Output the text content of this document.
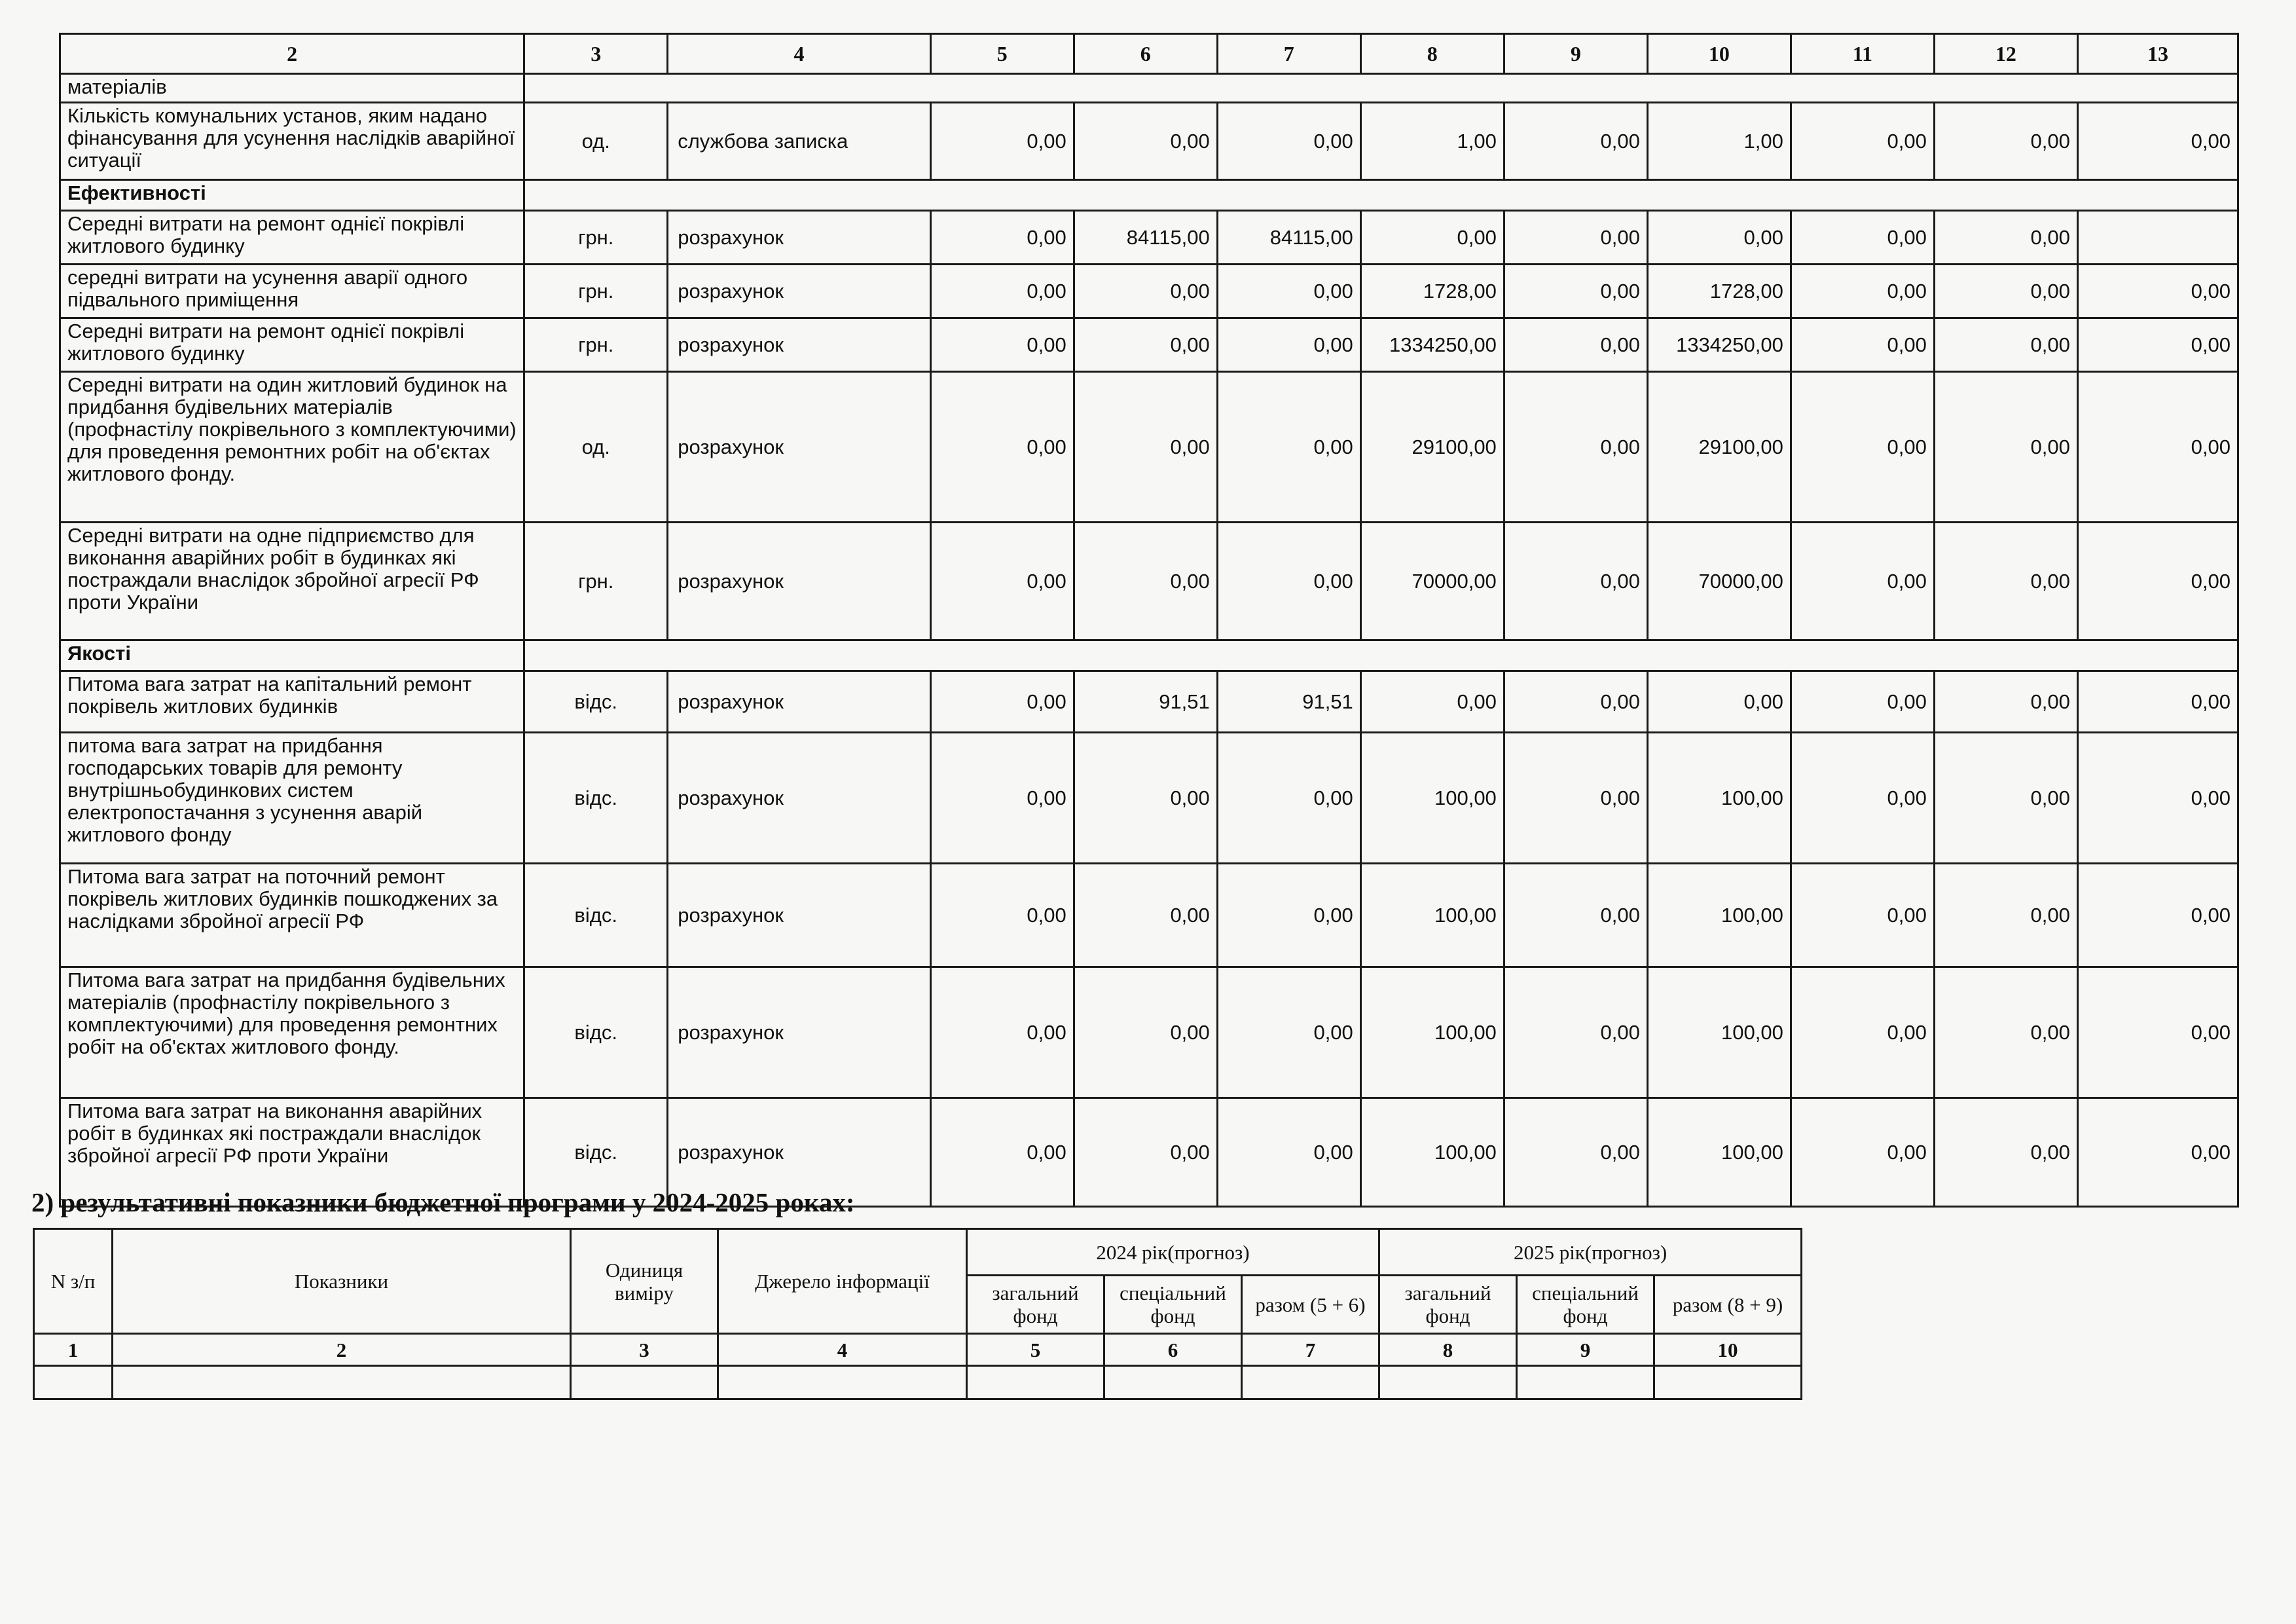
2	3	4	5	6	7	8	9	10	11	12	13
матеріалів											
Кількість комунальних установ, яким надано фінансування для усунення наслідків аварійної ситуації	од.	службова записка	0,00	0,00	0,00	1,00	0,00	1,00	0,00	0,00	0,00
Ефективності											
Середні витрати на ремонт однієї покрівлі житлового будинку	грн.	розрахунок	0,00	84115,00	84115,00	0,00	0,00	0,00	0,00	0,00	
середні витрати на усунення аварії одного підвального приміщення	грн.	розрахунок	0,00	0,00	0,00	1728,00	0,00	1728,00	0,00	0,00	0,00
Середні витрати на ремонт однієї покрівлі житлового будинку	грн.	розрахунок	0,00	0,00	0,00	1334250,00	0,00	1334250,00	0,00	0,00	0,00
Середні витрати на один житловий будинок на придбання будівельних матеріалів (профнастілу покрівельного з комплектуючими) для проведення ремонтних робіт на об'єктах житлового фонду.	од.	розрахунок	0,00	0,00	0,00	29100,00	0,00	29100,00	0,00	0,00	0,00
Середні витрати на одне підприємство для виконання аварійних робіт в будинках які постраждали внаслідок збройної агресії РФ проти України	грн.	розрахунок	0,00	0,00	0,00	70000,00	0,00	70000,00	0,00	0,00	0,00
Якості											
Питома вага затрат на капітальний ремонт покрівель житлових будинків	відс.	розрахунок	0,00	91,51	91,51	0,00	0,00	0,00	0,00	0,00	0,00
питома вага затрат на придбання господарських товарів для ремонту внутрішньобудинкових систем електропостачання з усунення аварій житлового фонду	відс.	розрахунок	0,00	0,00	0,00	100,00	0,00	100,00	0,00	0,00	0,00
Питома вага затрат на поточний ремонт покрівель житлових будинків пошкоджених за наслідками збройної агресії РФ	відс.	розрахунок	0,00	0,00	0,00	100,00	0,00	100,00	0,00	0,00	0,00
Питома вага затрат на придбання будівельних матеріалів (профнастілу покрівельного з комплектуючими) для проведення ремонтних робіт на об'єктах житлового фонду.	відс.	розрахунок	0,00	0,00	0,00	100,00	0,00	100,00	0,00	0,00	0,00
Питома вага затрат на виконання аварійних робіт в будинках які постраждали внаслідок збройної агресії РФ проти України	відс.	розрахунок	0,00	0,00	0,00	100,00	0,00	100,00	0,00	0,00	0,00
2) результативні показники бюджетної програми у 2024-2025 роках:
N з/п	Показники	Одиниця виміру	Джерело інформації	2024 рік(прогноз)			2025 рік(прогноз)		
				загальний фонд	спеціальний фонд	разом (5 + 6)	загальний фонд	спеціальний фонд	разом (8 + 9)
1	2	3	4	5	6	7	8	9	10
